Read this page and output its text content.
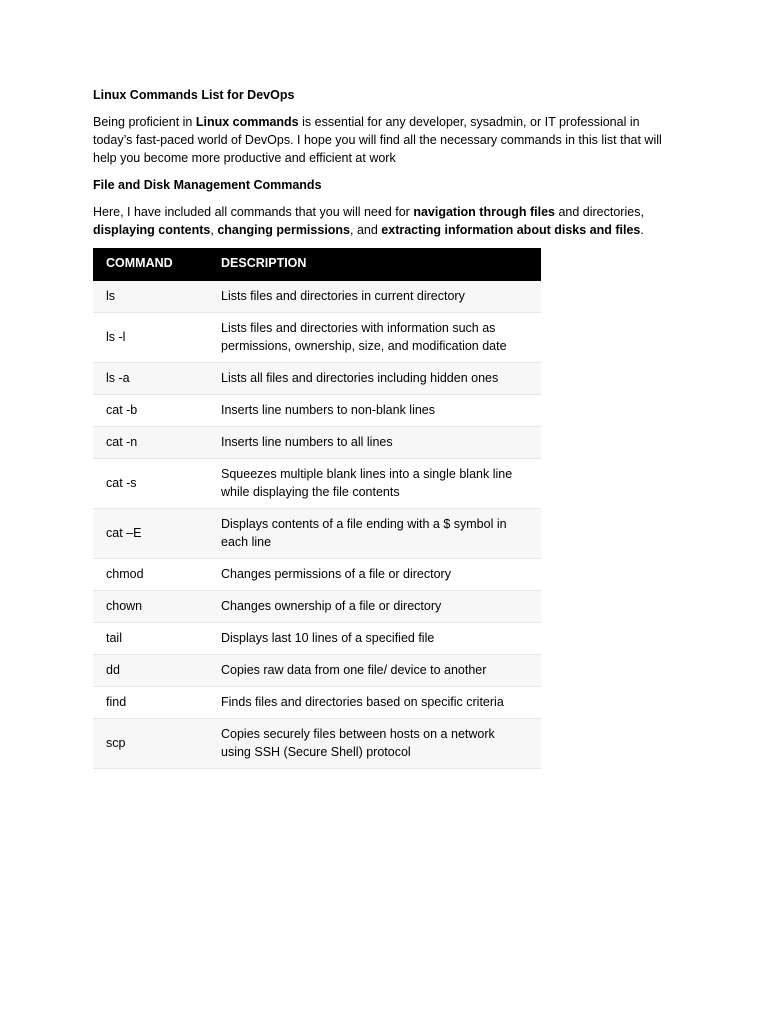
Linux Commands List for DevOps

Being proficient in Linux commands is essential for any developer, sysadmin, or IT professional in today’s fast-paced world of DevOps. I hope you will find all the necessary commands in this list that will help you become more productive and efficient at work

File and Disk Management Commands

Here, I have included all commands that you will need for navigation through files and directories, displaying contents, changing permissions, and extracting information about disks and files.

COMMAND	DESCRIPTION
ls	Lists files and directories in current directory
ls -l	Lists files and directories with information such as permissions, ownership, size, and modification date
ls -a	Lists all files and directories including hidden ones
cat -b	Inserts line numbers to non-blank lines
cat -n	Inserts line numbers to all lines
cat -s	Squeezes multiple blank lines into a single blank line while displaying the file contents
cat –E	Displays contents of a file ending with a $ symbol in each line
chmod	Changes permissions of a file or directory
chown	Changes ownership of a file or directory
tail	Displays last 10 lines of a specified file
dd	Copies raw data from one file/ device to another
find	Finds files and directories based on specific criteria
scp	Copies securely files between hosts on a network using SSH (Secure Shell) protocol
